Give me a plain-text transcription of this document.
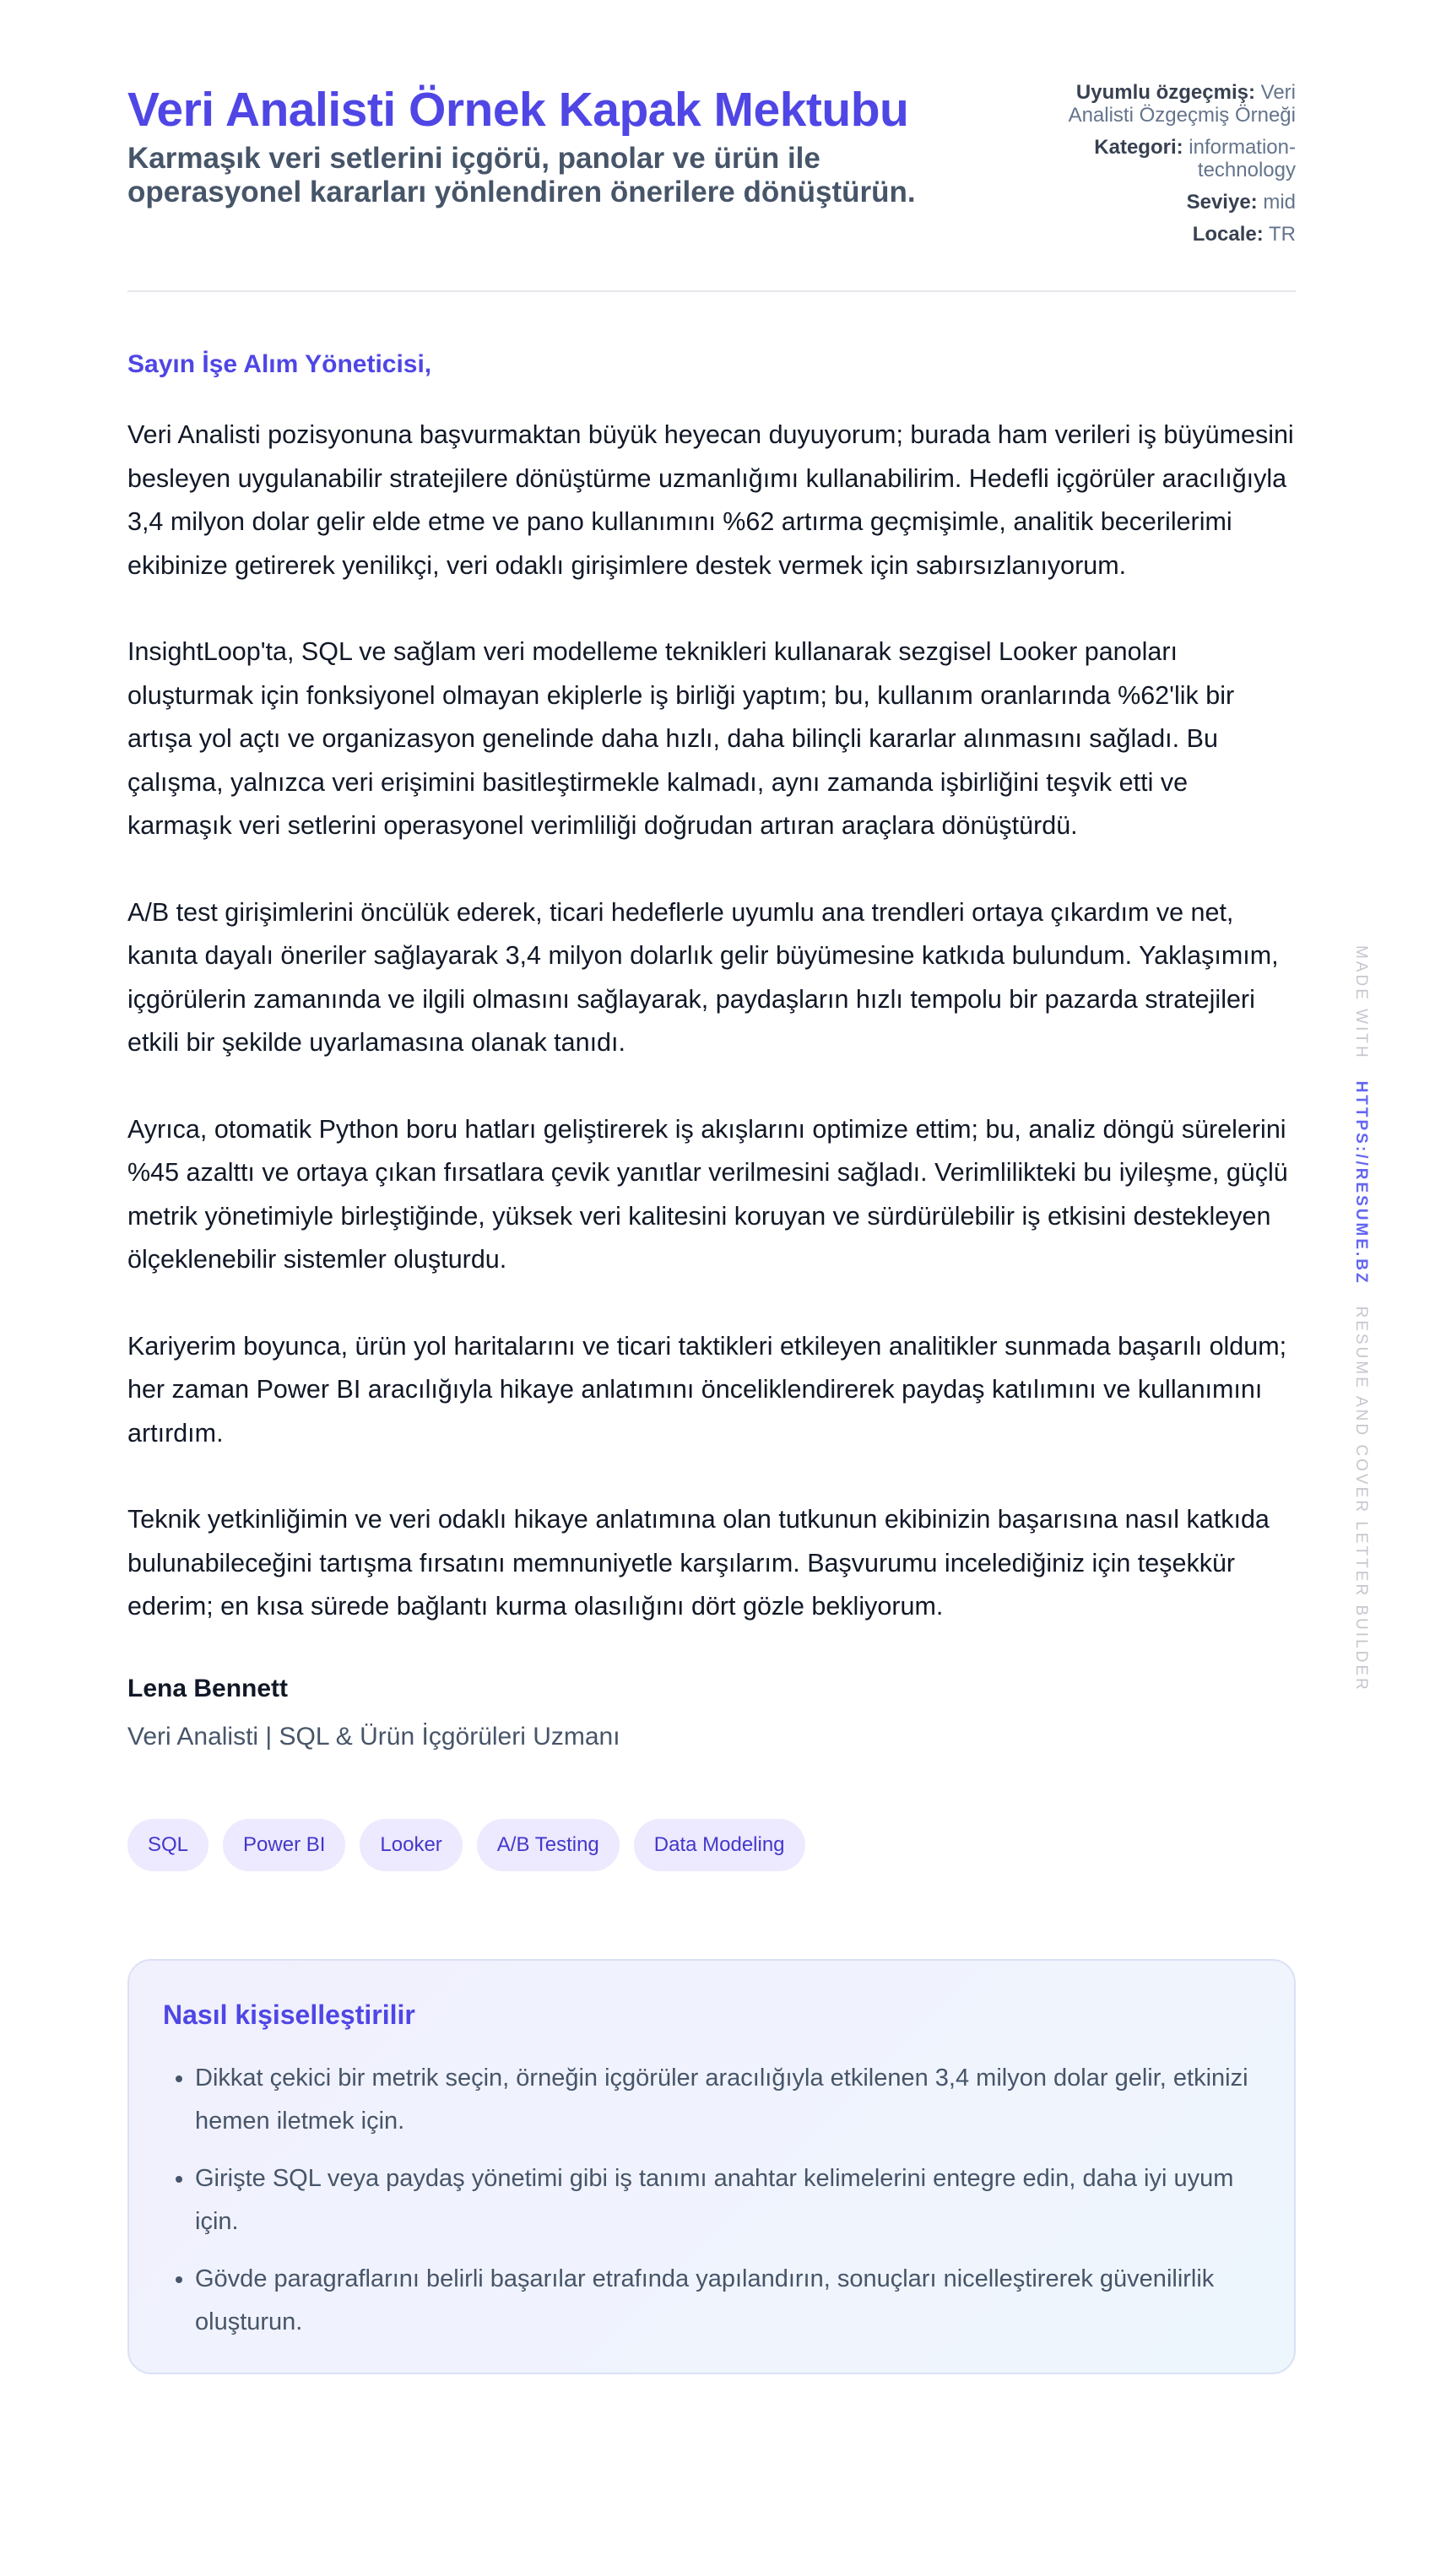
Veri Analisti Örnek Kapak Mektubu

Karmaşık veri setlerini içgörü, panolar ve ürün ile operasyonel kararları yönlendiren önerilere dönüştürün.

Uyumlu özgeçmiş: Veri Analisti Özgeçmiş Örneği
Kategori: information-technology
Seviye: mid
Locale: TR
Sayın İşe Alım Yöneticisi,

Veri Analisti pozisyonuna başvurmaktan büyük heyecan duyuyorum; burada ham verileri iş büyümesini besleyen uygulanabilir stratejilere dönüştürme uzmanlığımı kullanabilirim. Hedefli içgörüler aracılığıyla 3,4 milyon dolar gelir elde etme ve pano kullanımını %62 artırma geçmişimle, analitik becerilerimi ekibinize getirerek yenilikçi, veri odaklı girişimlere destek vermek için sabırsızlanıyorum.

InsightLoop'ta, SQL ve sağlam veri modelleme teknikleri kullanarak sezgisel Looker panoları oluşturmak için fonksiyonel olmayan ekiplerle iş birliği yaptım; bu, kullanım oranlarında %62'lik bir artışa yol açtı ve organizasyon genelinde daha hızlı, daha bilinçli kararlar alınmasını sağladı. Bu çalışma, yalnızca veri erişimini basitleştirmekle kalmadı, aynı zamanda işbirliğini teşvik etti ve karmaşık veri setlerini operasyonel verimliliği doğrudan artıran araçlara dönüştürdü.

A/B test girişimlerini öncülük ederek, ticari hedeflerle uyumlu ana trendleri ortaya çıkardım ve net, kanıta dayalı öneriler sağlayarak 3,4 milyon dolarlık gelir büyümesine katkıda bulundum. Yaklaşımım, içgörülerin zamanında ve ilgili olmasını sağlayarak, paydaşların hızlı tempolu bir pazarda stratejileri etkili bir şekilde uyarlamasına olanak tanıdı.

Ayrıca, otomatik Python boru hatları geliştirerek iş akışlarını optimize ettim; bu, analiz döngü sürelerini %45 azalttı ve ortaya çıkan fırsatlara çevik yanıtlar verilmesini sağladı. Verimlilikteki bu iyileşme, güçlü metrik yönetimiyle birleştiğinde, yüksek veri kalitesini koruyan ve sürdürülebilir iş etkisini destekleyen ölçeklenebilir sistemler oluşturdu.

Kariyerim boyunca, ürün yol haritalarını ve ticari taktikleri etkileyen analitikler sunmada başarılı oldum; her zaman Power BI aracılığıyla hikaye anlatımını önceliklendirerek paydaş katılımını ve kullanımını artırdım.

Teknik yetkinliğimin ve veri odaklı hikaye anlatımına olan tutkunun ekibinizin başarısına nasıl katkıda bulunabileceğini tartışma fırsatını memnuniyetle karşılarım. Başvurumu incelediğiniz için teşekkür ederim; en kısa sürede bağlantı kurma olasılığını dört gözle bekliyorum.

Lena Bennett
Veri Analisti | SQL & Ürün İçgörüleri Uzmanı
SQL	Power BI	Looker	A/B Testing	Data Modeling
Nasıl kişiselleştirilir
• Dikkat çekici bir metrik seçin, örneğin içgörüler aracılığıyla etkilenen 3,4 milyon dolar gelir, etkinizi hemen iletmek için.
• Girişte SQL veya paydaş yönetimi gibi iş tanımı anahtar kelimelerini entegre edin, daha iyi uyum için.
• Gövde paragraflarını belirli başarılar etrafında yapılandırın, sonuçları nicelleştirerek güvenilirlik oluşturun.
MADE WITH   HTTPS://RESUME.BZ   RESUME AND COVER LETTER BUILDER
